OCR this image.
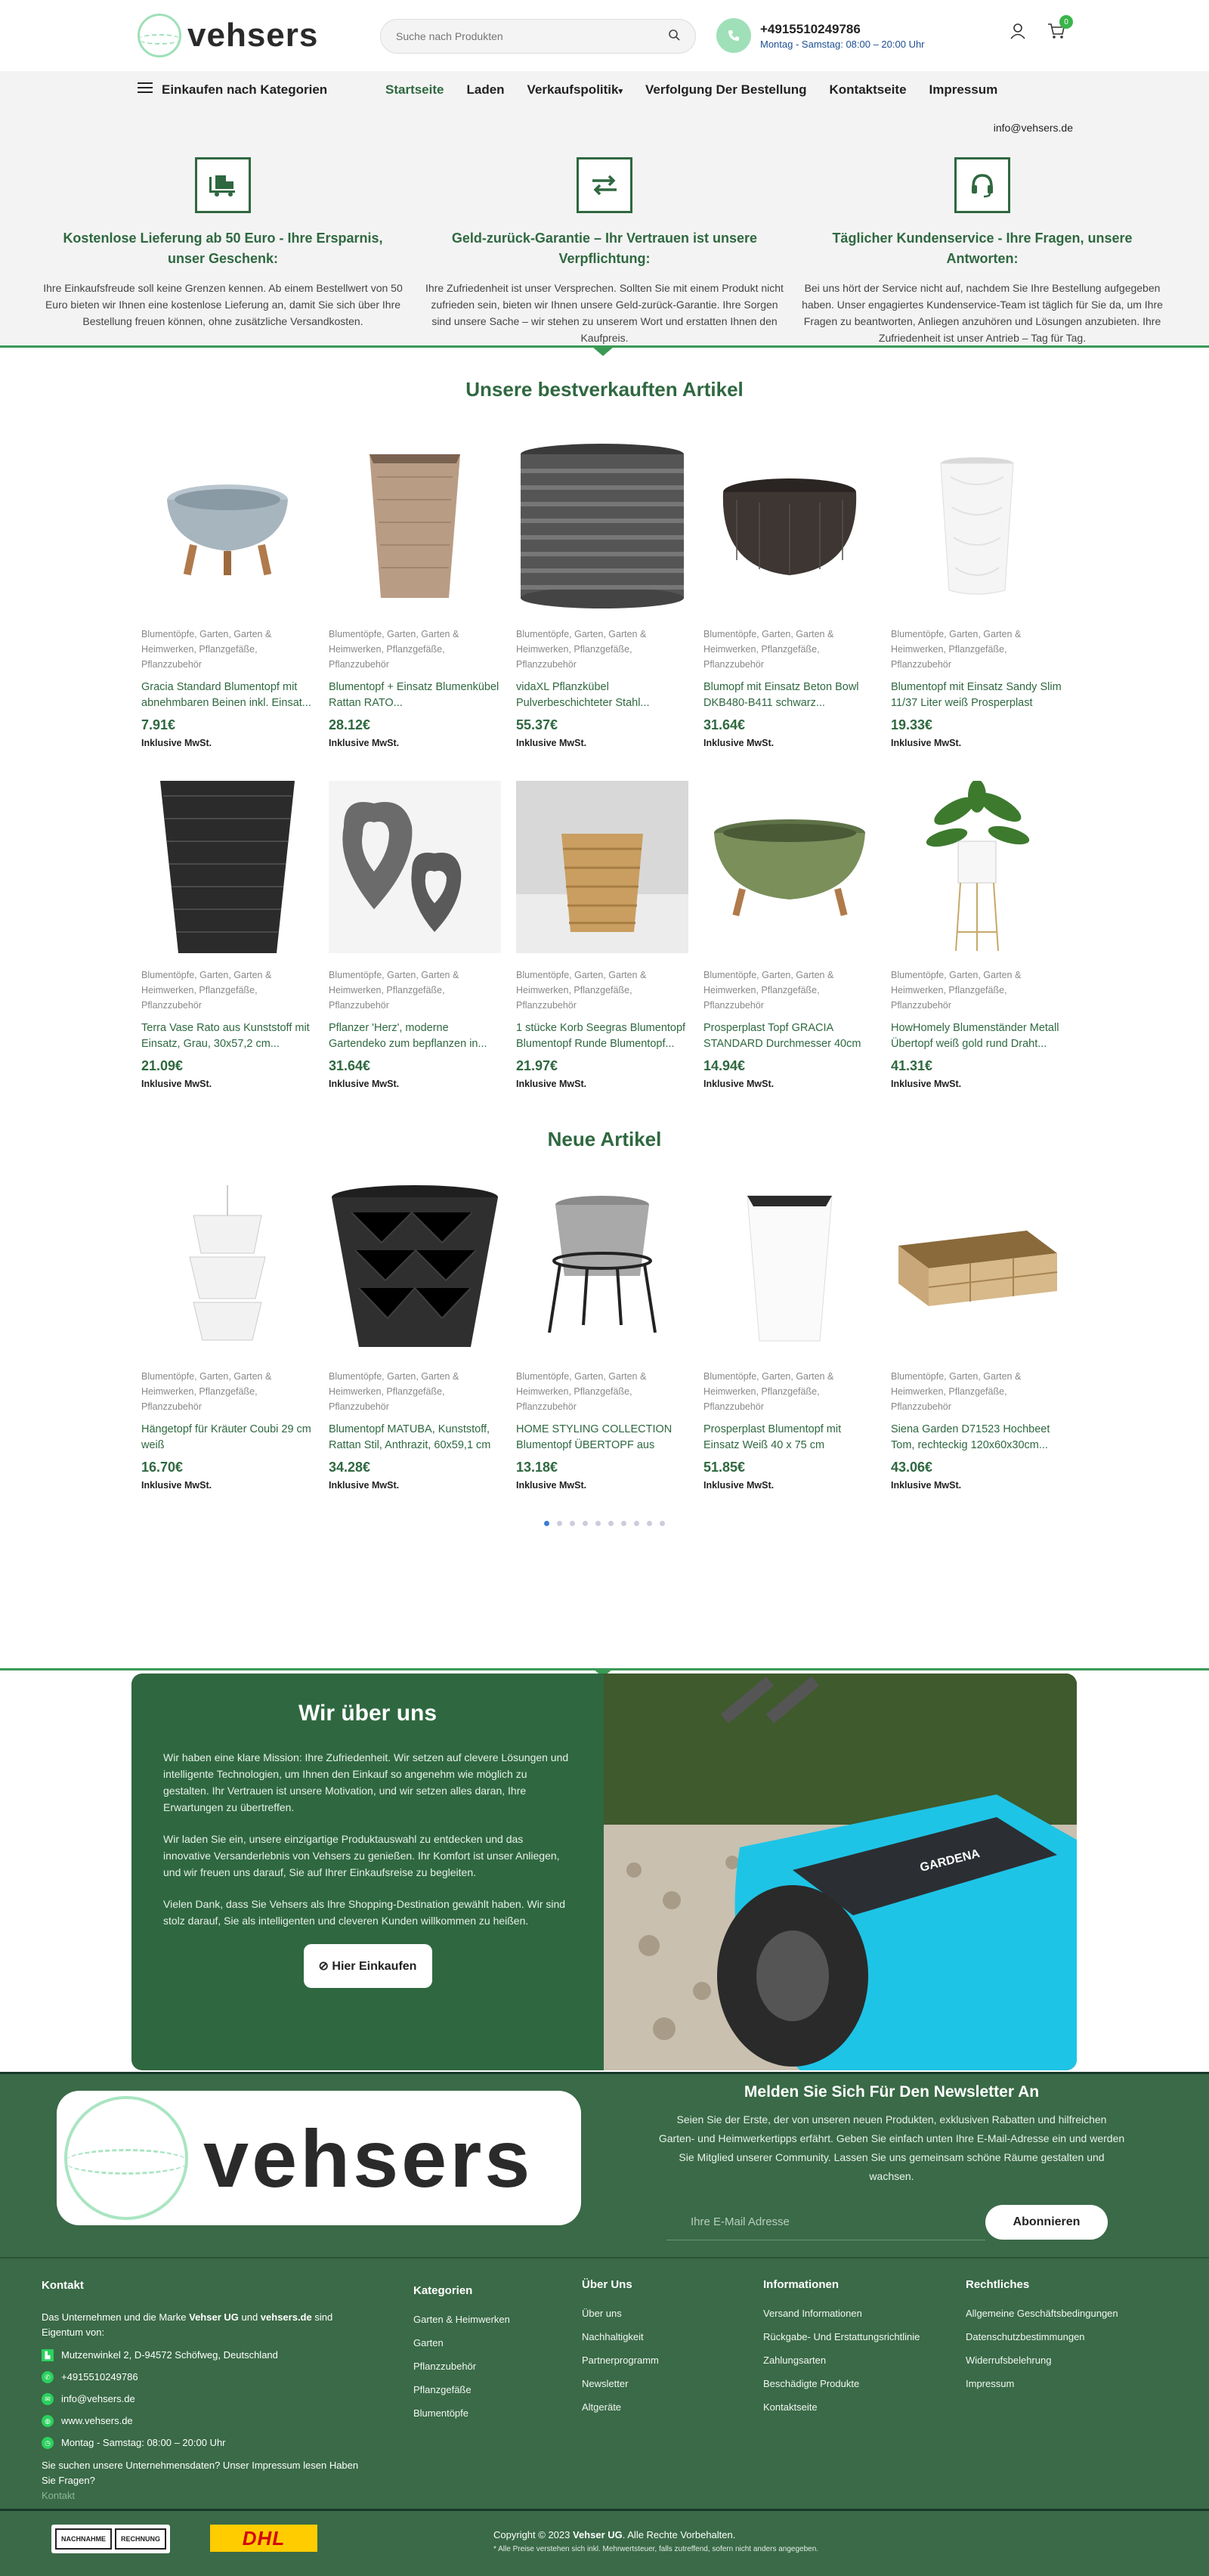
vehsers
Suche nach Produkten	+4915510249786
Montag - Samstag: 08:00 – 20:00 Uhr
0
Einkaufen nach Kategorien	Startseite Laden Verkaufspolitik▾ Verfolgung Der Bestellung Kontaktseite Impressum
info@vehsers.de
Kostenlose Lieferung ab 50 Euro - Ihre Ersparnis, unser Geschenk:
Ihre Einkaufsfreude soll keine Grenzen kennen. Ab einem Bestellwert von 50 Euro bieten wir Ihnen eine kostenlose Lieferung an, damit Sie sich über Ihre Bestellung freuen können, ohne zusätzliche Versandkosten.
Geld-zurück-Garantie – Ihr Vertrauen ist unsere Verpflichtung:
Ihre Zufriedenheit ist unser Versprechen. Sollten Sie mit einem Produkt nicht zufrieden sein, bieten wir Ihnen unsere Geld-zurück-Garantie. Ihre Sorgen sind unsere Sache – wir stehen zu unserem Wort und erstatten Ihnen den Kaufpreis.
Täglicher Kundenservice - Ihre Fragen, unsere Antworten:
Bei uns hört der Service nicht auf, nachdem Sie Ihre Bestellung aufgegeben haben. Unser engagiertes Kundenservice-Team ist täglich für Sie da, um Ihre Fragen zu beantworten, Anliegen anzuhören und Lösungen anzubieten. Ihre Zufriedenheit ist unser Antrieb – Tag für Tag.
Unsere bestverkauften Artikel
Blumentöpfe, Garten, Garten & Heimwerken, Pflanzgefäße, Pflanzzubehör
Gracia Standard Blumentopf mit abnehmbaren Beinen inkl. Einsat...
7.91€
Inklusive MwSt.
Blumentöpfe, Garten, Garten & Heimwerken, Pflanzgefäße, Pflanzzubehör
Blumentopf + Einsatz Blumenkübel Rattan RATO...
28.12€
Inklusive MwSt.
Blumentöpfe, Garten, Garten & Heimwerken, Pflanzgefäße, Pflanzzubehör
vidaXL Pflanzkübel Pulverbeschichteter Stahl...
55.37€
Inklusive MwSt.
Blumentöpfe, Garten, Garten & Heimwerken, Pflanzgefäße, Pflanzzubehör
Blumopf mit Einsatz Beton Bowl DKB480-B411 schwarz...
31.64€
Inklusive MwSt.
Blumentöpfe, Garten, Garten & Heimwerken, Pflanzgefäße, Pflanzzubehör
Blumentopf mit Einsatz Sandy Slim 11/37 Liter weiß Prosperplast
19.33€
Inklusive MwSt.
Blumentöpfe, Garten, Garten & Heimwerken, Pflanzgefäße, Pflanzzubehör
Terra Vase Rato aus Kunststoff mit Einsatz, Grau, 30x57,2 cm...
21.09€
Inklusive MwSt.
Blumentöpfe, Garten, Garten & Heimwerken, Pflanzgefäße, Pflanzzubehör
Pflanzer 'Herz', moderne Gartendeko zum bepflanzen in...
31.64€
Inklusive MwSt.
Blumentöpfe, Garten, Garten & Heimwerken, Pflanzgefäße, Pflanzzubehör
1 stücke Korb Seegras Blumentopf Blumentopf Runde Blumentopf...
21.97€
Inklusive MwSt.
Blumentöpfe, Garten, Garten & Heimwerken, Pflanzgefäße, Pflanzzubehör
Prosperplast Topf GRACIA STANDARD Durchmesser 40cm
14.94€
Inklusive MwSt.
Blumentöpfe, Garten, Garten & Heimwerken, Pflanzgefäße, Pflanzzubehör
HowHomely Blumenständer Metall Übertopf weiß gold rund Draht...
41.31€
Inklusive MwSt.
Neue Artikel
Blumentöpfe, Garten, Garten & Heimwerken, Pflanzgefäße, Pflanzzubehör
Hängetopf für Kräuter Coubi 29 cm weiß
16.70€
Inklusive MwSt.
Blumentöpfe, Garten, Garten & Heimwerken, Pflanzgefäße, Pflanzzubehör
Blumentopf MATUBA, Kunststoff, Rattan Stil, Anthrazit, 60x59,1 cm
34.28€
Inklusive MwSt.
Blumentöpfe, Garten, Garten & Heimwerken, Pflanzgefäße, Pflanzzubehör
HOME STYLING COLLECTION Blumentopf ÜBERTOPF aus
13.18€
Inklusive MwSt.
Blumentöpfe, Garten, Garten & Heimwerken, Pflanzgefäße, Pflanzzubehör
Prosperplast Blumentopf mit Einsatz Weiß 40 x 75 cm
51.85€
Inklusive MwSt.
Blumentöpfe, Garten, Garten & Heimwerken, Pflanzgefäße, Pflanzzubehör
Siena Garden D71523 Hochbeet Tom, rechteckig 120x60x30cm...
43.06€
Inklusive MwSt.
Wir über uns

Wir haben eine klare Mission: Ihre Zufriedenheit. Wir setzen auf clevere Lösungen und intelligente Technologien, um Ihnen den Einkauf so angenehm wie möglich zu gestalten. Ihr Vertrauen ist unsere Motivation, und wir setzen alles daran, Ihre Erwartungen zu übertreffen.

Wir laden Sie ein, unsere einzigartige Produktauswahl zu entdecken und das innovative Versanderlebnis von Vehsers zu genießen. Ihr Komfort ist unser Anliegen, und wir freuen uns darauf, Sie auf Ihrer Einkaufsreise zu begleiten.

Vielen Dank, dass Sie Vehsers als Ihre Shopping-Destination gewählt haben. Wir sind stolz darauf, Sie als intelligenten und cleveren Kunden willkommen zu heißen.

⊘ Hier Einkaufen
GARDENA
vehsers
Melden Sie Sich Für Den Newsletter An

Seien Sie der Erste, der von unseren neuen Produkten, exklusiven Rabatten und hilfreichen Garten- und Heimwerkertipps erfährt. Geben Sie einfach unten Ihre E-Mail-Adresse ein und werden Sie Mitglied unserer Community. Lassen Sie uns gemeinsam schöne Räume gestalten und wachsen.

Ihre E-Mail Adresse
Abonnieren
Kontakt
Das Unternehmen und die Marke Vehser UG und vehsers.de sind Eigentum von:
▙	Mutzenwinkel 2, D-94572 Schöfweg, Deutschland
✆	+4915510249786
✉	info@vehsers.de
◍	www.vehsers.de
◷	Montag - Samstag: 08:00 – 20:00 Uhr
Sie suchen unsere Unternehmensdaten? Unser Impressum lesen Haben Sie Fragen?
Kontakt
Kategorien
Garten & Heimwerken
Garten
Pflanzzubehör
Pflanzgefäße
Blumentöpfe
Über Uns
Über uns
Nachhaltigkeit
Partnerprogramm
Newsletter
Altgeräte
Informationen
Versand Informationen
Rückgabe- Und Erstattungsrichtlinie
Zahlungsarten
Beschädigte Produkte
Kontaktseite
Rechtliches
Allgemeine Geschäftsbedingungen
Datenschutzbestimmungen
Widerrufsbelehrung
Impressum
NACHNAHME	RECHNUNG	DHL	Copyright © 2023 Vehser UG. Alle Rechte Vorbehalten.
* Alle Preise verstehen sich inkl. Mehrwertsteuer, falls zutreffend, sofern nicht anders angegeben.
